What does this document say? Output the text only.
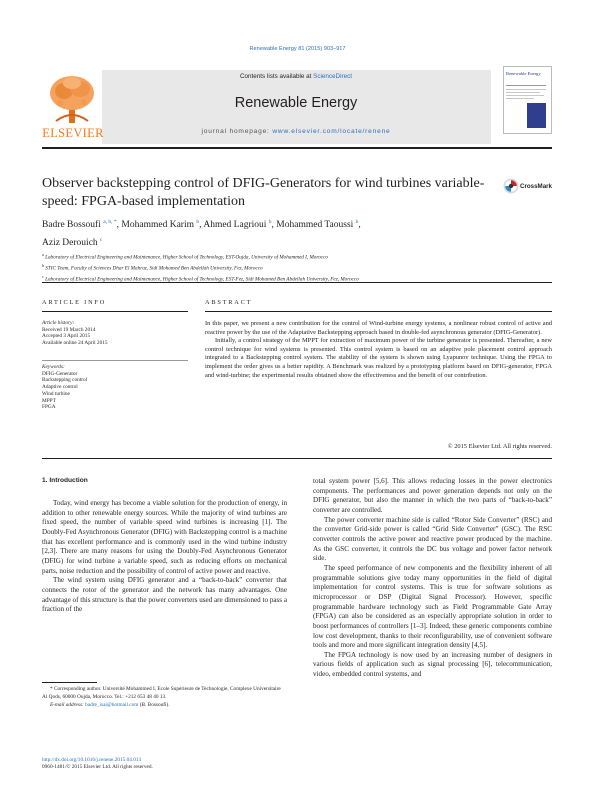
Renewable Energy 81 (2015) 903–917
ELSEVIER
Contents lists available at ScienceDirect
Renewable Energy
journal homepage: www.elsevier.com/locate/renene
Renewable Energy
Observer backstepping control of DFIG-Generators for wind turbines variable-speed: FPGA-based implementation
CrossMark
Badre Bossoufi $^{a, b, *}$, Mohammed Karim $^b$, Ahmed Lagrioui $^b$, Mohammed Taoussi $^b$,
Aziz Derouich $^c$
$^a$ Laboratory of Electrical Engineering and Maintenance, Higher School of Technology, EST-Oujda, University of Mohammed I, Morocco
$^b$ STIC Team, Faculty of Sciences Dhar El Mahraz, Sidi Mohamed Ben Abdellah University, Fez, Morocco
$^c$ Laboratory of Electrical Engineering and Maintenance, Higher School of Technology, EST-Fez, Sidi Mohamed Ben Abdellah University, Fez, Morocco
ARTICLE INFO
Article history:
Received 19 March 2014
Accepted 3 April 2015
Available online 24 April 2015
Keywords:
DFIG-Generator
Backstepping control
Adaptive control
Wind turbine
MPPT
FPGA
ABSTRACT

In this paper, we present a new contribution for the control of Wind-turbine energy systems, a nonlinear robust control of active and reactive power by the use of the Adaptative Backstepping approach based in double-fed asynchronous generator (DFIG-Generator).

Initially, a control strategy of the MPPT for extraction of maximum power of the turbine generator is presented. Thereafter, a new control technique for wind systems is presented. This control system is based on an adaptive pole placement control approach integrated to a Backstepping control system. The stability of the system is shown using Lyapunov technique. Using the FPGA to implement the order gives us a better rapidity. A Benchmark was realized by a prototyping platform based on DFIG-generator, FPGA and wind-turbine; the experimental results obtained show the effectiveness and the benefit of our contribution.

© 2015 Elsevier Ltd. All rights reserved.
1. Introduction

Today, wind energy has become a viable solution for the production of energy, in addition to other renewable energy sources. While the majority of wind turbines are fixed speed, the number of variable speed wind turbines is increasing [1]. The Doubly-Fed Asynchronous Generator (DFIG) with Backstepping control is a machine that has excellent performance and is commonly used in the wind turbine industry [2,3]. There are many reasons for using the Doubly-Fed Asynchronous Generator (DFIG) for wind turbine a variable speed, such as reducing efforts on mechanical parts, noise reduction and the possibility of control of active power and reactive.

The wind system using DFIG generator and a “back-to-back” converter that connects the rotor of the generator and the network has many advantages. One advantage of this structure is that the power converters used are dimensioned to pass a fraction of the

total system power [5,6]. This allows reducing losses in the power electronics components. The performances and power generation depends not only on the DFIG generator, but also the manner in which the two parts of “back-to-back” converter are controlled.

The power converter machine side is called “Rotor Side Converter” (RSC) and the converter Grid-side power is called “Grid Side Converter” (GSC). The RSC converter controls the active power and reactive power produced by the machine. As the GSC converter, it controls the DC bus voltage and power factor network side.

The speed performance of new components and the flexibility inherent of all programmable solutions give today many opportunities in the field of digital implementation for control systems. This is true for software solutions as microprocessor or DSP (Digital Signal Processor). However, specific programmable hardware technology such as Field Programmable Gate Array (FPGA) can also be considered as an especially appropriate solution in order to boost performances of controllers [1–3]. Indeed, these generic components combine low cost development, thanks to their reconfigurability, use of convenient software tools and more and more significant integration density [4,5].

The FPGA technology is now used by an increasing number of designers in various fields of application such as signal processing [6], telecommunication, video, embedded control systems, and

* Corresponding author. Université Mohammed I, Ecole Supérieure de Technologie, Complexe Universitaire Al Qods, 60000 Oujda, Morocco. Tel.: +212 653 48 40 13.
E-mail address: badre_isai@hotmail.com (B. Bossoufi).
http://dx.doi.org/10.1016/j.renene.2015.04.013
0960-1481/© 2015 Elsevier Ltd. All rights reserved.
